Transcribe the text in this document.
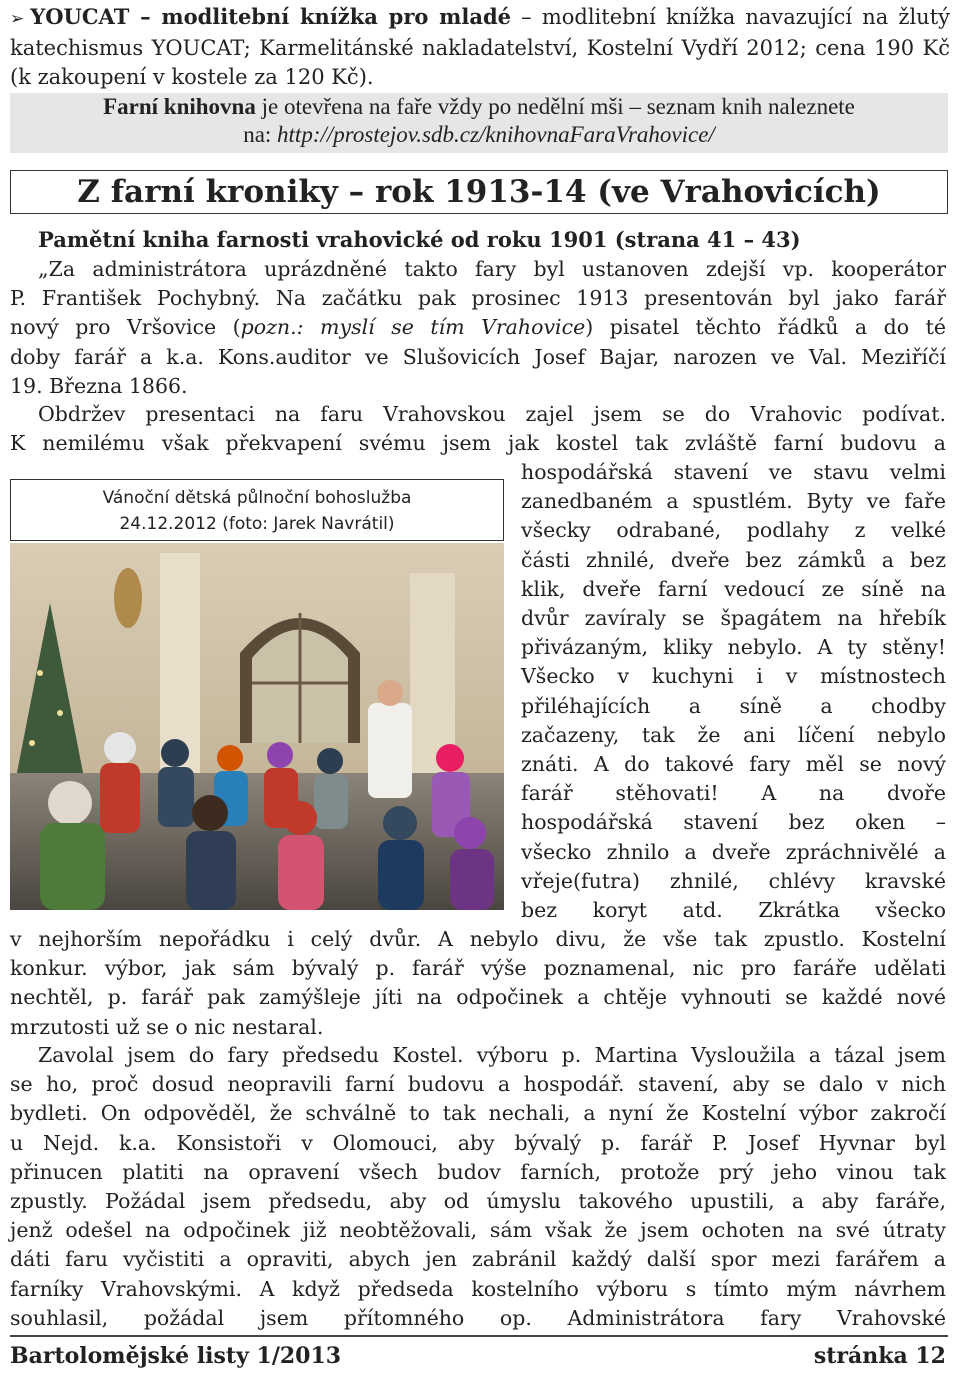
➢ YOUCAT – modlitební knížka pro mladé – modlitební knížka navazující na žlutý katechismus YOUCAT; Karmelitánské nakladatelství, Kostelní Vydří 2012; cena 190 Kč (k zakoupení v kostele za 120 Kč).
Farní knihovna je otevřena na faře vždy po nedělní mši – seznam knih naleznete
na: http://prostejov.sdb.cz/knihovnaFaraVrahovice/
Z farní kroniky – rok 1913-14 (ve Vrahovicích)
Pamětní kniha farnosti vrahovické od roku 1901 (strana 41 – 43)
„Za administrátora uprázdněné takto fary byl ustanoven zdejší vp. kooperátor
P. František Pochybný. Na začátku pak prosinec 1913 presentován byl jako farář
nový pro Vršovice (pozn.: myslí se tím Vrahovice) pisatel těchto řádků a do té
doby farář a k.a. Kons.auditor ve Slušovicích Josef Bajar, narozen ve Val. Meziříčí
19. Března 1866.
Obdržev presentaci na faru Vrahovskou zajel jsem se do Vrahovic podívat.
K nemilému však překvapení svému jsem jak kostel tak zvláště farní budovu a
hospodářská stavení ve stavu velmi
zanedbaném a spustlém. Byty ve faře
všecky odrabané, podlahy z velké
části zhnilé, dveře bez zámků a bez
klik, dveře farní vedoucí ze síně na
dvůr zavíraly se špagátem na hřebík
přivázaným, kliky nebylo. A ty stěny!
Všecko v kuchyni i v místnostech
přiléhajících a síně a chodby
začazeny, tak že ani líčení nebylo
znáti. A do takové fary měl se nový
farář stěhovati! A na dvoře
hospodářská stavení bez oken –
všecko zhnilo a dveře zpráchnivělé a
vřeje(futra) zhnilé, chlévy kravské
bez koryt atd. Zkrátka všecko
Vánoční dětská půlnoční bohoslužba
24.12.2012 (foto: Jarek Navrátil)
v nejhorším nepořádku i celý dvůr. A nebylo divu, že vše tak zpustlo. Kostelní
konkur. výbor, jak sám bývalý p. farář výše poznamenal, nic pro faráře udělati
nechtěl, p. farář pak zamýšleje jíti na odpočinek a chtěje vyhnouti se každé nové
mrzutosti už se o nic nestaral.
Zavolal jsem do fary předsedu Kostel. výboru p. Martina Vysloužila a tázal jsem
se ho, proč dosud neopravili farní budovu a hospodář. stavení, aby se dalo v nich
bydleti. On odpověděl, že schválně to tak nechali, a nyní že Kostelní výbor zakročí
u Nejd. k.a. Konsistoři v Olomouci, aby bývalý p. farář P. Josef Hyvnar byl
přinucen platiti na opravení všech budov farních, protože prý jeho vinou tak
zpustly. Požádal jsem předsedu, aby od úmyslu takového upustili, a aby faráře,
jenž odešel na odpočinek již neobtěžovali, sám však že jsem ochoten na své útraty
dáti faru vyčistiti a opraviti, abych jen zabránil každý další spor mezi farářem a
farníky Vrahovskými. A když předseda kostelního výboru s tímto mým návrhem
souhlasil, požádal jsem přítomného op. Administrátora fary Vrahovské
Bartolomějské listy 1/2013	stránka 12
